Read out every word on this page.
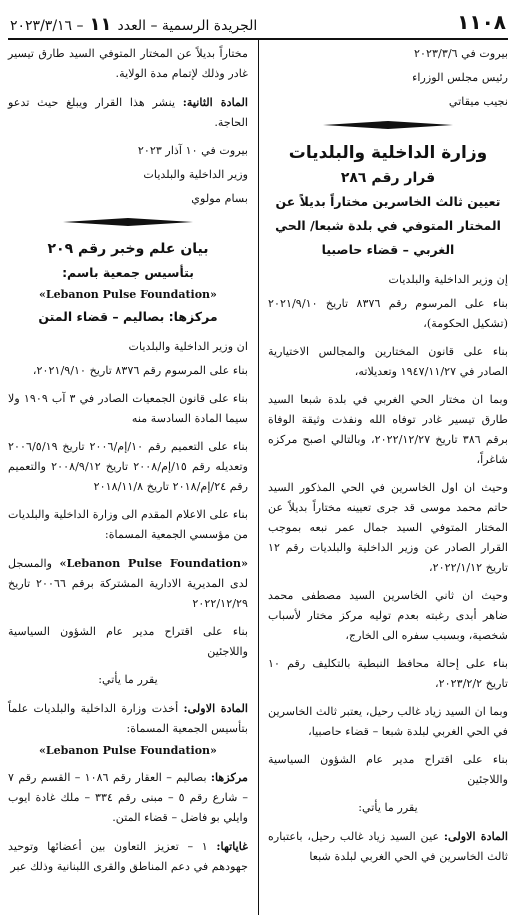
١١٠٨
الجريدة الرسمية – العدد١١– ٢٠٢٣/٣/١٦

بيروت في ٢٠٢٣/٣/٦

رئيس مجلس الوزراء

نجيب ميقاتي

وزارة الداخلية والبلديات
قرار رقم ٢٨٦
تعيين ثالث الخاسرين مختاراً بديلاً عن المختار المتوفي في بلدة شبعا/ الحي الغربي – قضاء حاصبيا

إن وزير الداخلية والبلديات

بناء على المرسوم رقم ٨٣٧٦ تاريخ ٢٠٢١/٩/١٠ (تشكيل الحكومة)،

بناء على قانون المختارين والمجالس الاختيارية الصادر في ١٩٤٧/١١/٢٧ وتعديلاته،

وبما ان مختار الحي الغربي في بلدة شبعا السيد طارق تيسير غادر توفاه الله ونفذت وثيقة الوفاة برقم ٣٨٦ تاريخ ٢٠٢٢/١٢/٢٧، وبالتالي اصبح مركزه شاغراً،

وحيث ان اول الخاسرين في الحي المذكور السيد حاتم محمد موسى قد جرى تعيينه مختاراً بديلاً عن المختار المتوفي السيد جمال عمر نبعه بموجب القرار الصادر عن وزير الداخلية والبلديات رقم ١٢ تاريخ ٢٠٢٢/١/١٢،

وحيث ان ثاني الخاسرين السيد مصطفى محمد ضاهر أبدى رغبته بعدم توليه مركز مختار لأسباب شخصية، وبسبب سفره الى الخارج،

بناء على إحالة محافظ النبطية بالتكليف رقم ١٠ تاريخ ٢٠٢٣/٢/٢،

وبما ان السيد زياد غالب رحيل، يعتبر ثالث الخاسرين في الحي الغربي لبلدة شبعا – قضاء حاصبيا،

بناء على اقتراح مدير عام الشؤون السياسية واللاجئين

يقرر ما يأتي:

المادة الاولى: عين السيد زياد غالب رحيل، باعتباره ثالث الخاسرين في الحي الغربي لبلدة شبعا

مختاراً بديلاً عن المختار المتوفي السيد طارق تيسير غادر وذلك لإتمام مدة الولاية.

المادة الثانية: ينشر هذا القرار ويبلغ حيث تدعو الحاجة.

بيروت في ١٠ آذار ٢٠٢٣

وزير الداخلية والبلديات

بسام مولوي

بيان علم وخبر رقم ٢٠٩
بتأسيس جمعية باسم:
«Lebanon Pulse Foundation»
مركزها: بصاليم – قضاء المتن

ان وزير الداخلية والبلديات

بناء على المرسوم رقم ٨٣٧٦ تاريخ ٢٠٢١/٩/١٠،

بناء على قانون الجمعيات الصادر في ٣ آب ١٩٠٩ ولا سيما المادة السادسة منه

بناء على التعميم رقم ١٠/إم/٢٠٠٦ تاريخ ٢٠٠٦/٥/١٩ وتعديله رقم ١٥/إم/٢٠٠٨ تاريخ ٢٠٠٨/٩/١٢ والتعميم رقم ٢٤/إم/٢٠١٨ تاريخ ٢٠١٨/١١/٨

بناء على الاعلام المقدم الى وزارة الداخلية والبلديات من مؤسسي الجمعية المسماة:

«Lebanon Pulse Foundation» والمسجل لدى المديرية الادارية المشتركة برقم ٢٠٠٦٦ تاريخ ٢٠٢٢/١٢/٢٩

بناء على اقتراح مدير عام الشؤون السياسية واللاجئين

يقرر ما يأتي:

المادة الاولى: أخذت وزارة الداخلية والبلديات علماً بتأسيس الجمعية المسماة:

«Lebanon Pulse Foundation»

مركزها: بصاليم – العقار رقم ١٠٨٦ – القسم رقم ٧ – شارع رقم ٥ – مبنى رقم ٣٣٤ – ملك غادة ايوب وايلي بو فاضل – قضاء المتن.

غاياتها: ١ – تعزيز التعاون بين أعضائها وتوحيد جهودهم في دعم المناطق والقرى اللبنانية وذلك عبر
